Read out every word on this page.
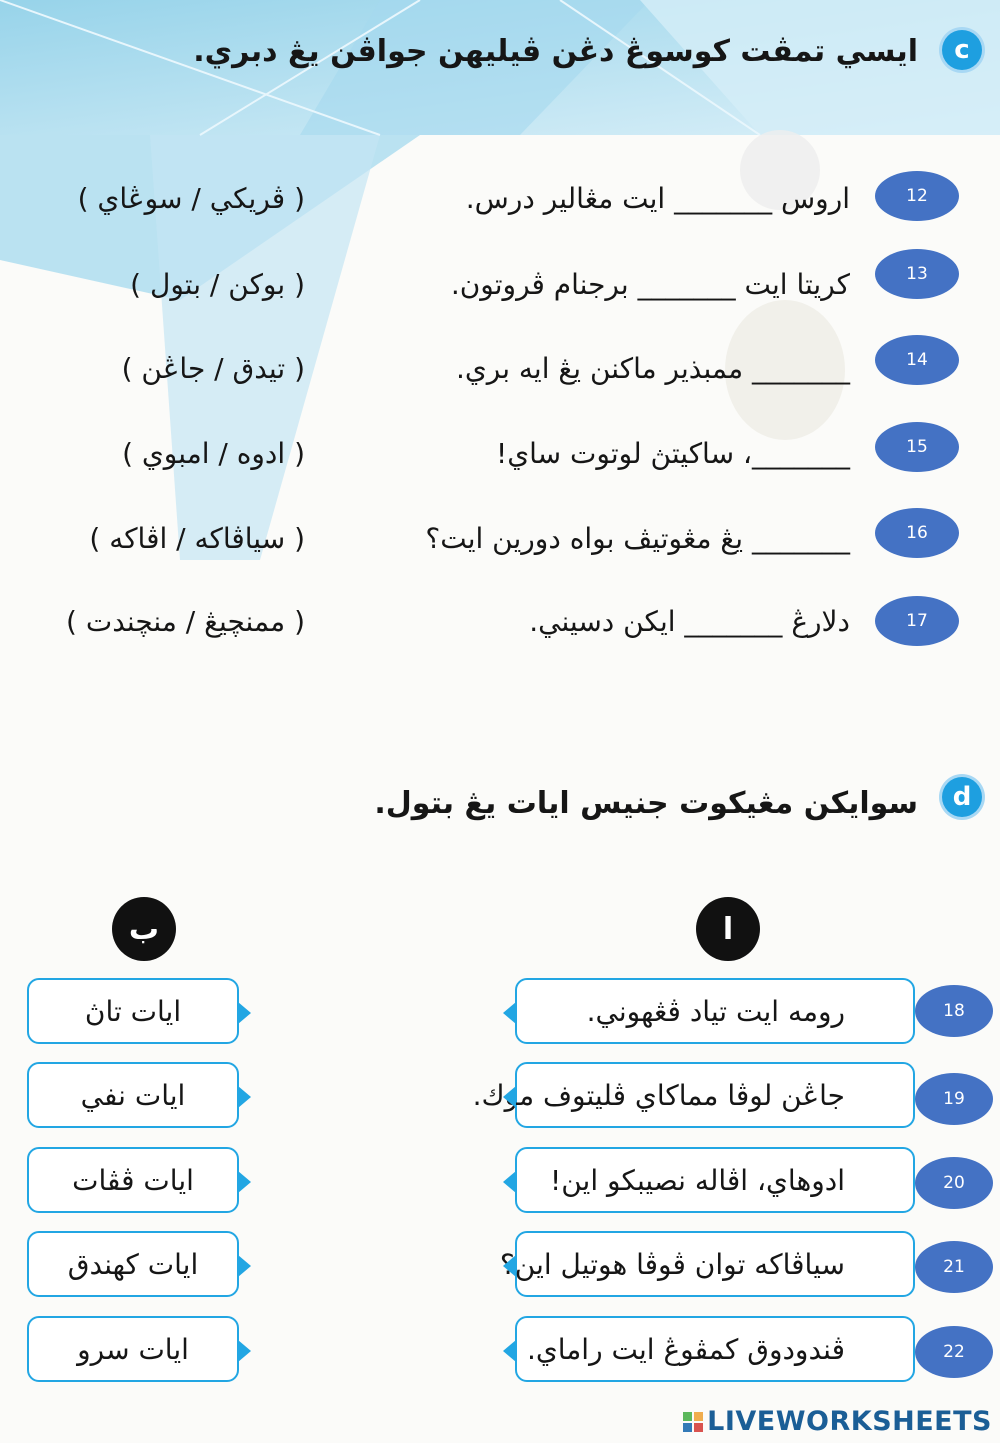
c
ايسي تمڤت كوسوڠ دڠن ڤيليهن جواڤن يڠ دبري.
12
اروس _______ ايت مڠالير درس.
( ڤريكي / سوڠاي )
13
كريتا ايت _______ برجنام ڤروتون.
( بوكن / بتول )
14
_______ ممبذير ماكنن يڠ ايه بري.
( تيدق / جاڠن )
15
_______، ساكيتڽ لوتوت ساي!
( ادوه / امبوي )
16
_______ يڠ مڠوتيڤ بواه دورين ايت؟
( سياڤاكه / اڤاكه )
17
دلارڠ _______ ايكن دسيني.
( ممنچيڠ / منچندت )
d
سوايكن مڠيكوت جنيس ايات يڠ بتول.
ا
ب
رومه ايت تياد ڤڠهوني.
جاڠن لوڤا مماكاي ڤليتوف موك.
ادوهاي، اڤاله نصيبكو اين!
سياڤاكه توان ڤوڤا هوتيل اين؟
ڤندودوق كمڤوڠ ايت راماي.
18
19
20
21
22
ايات تاڽ
ايات نفي
ايات ڤڤات
ايات كهندق
ايات سرو
LIVEWORKSHEETS
